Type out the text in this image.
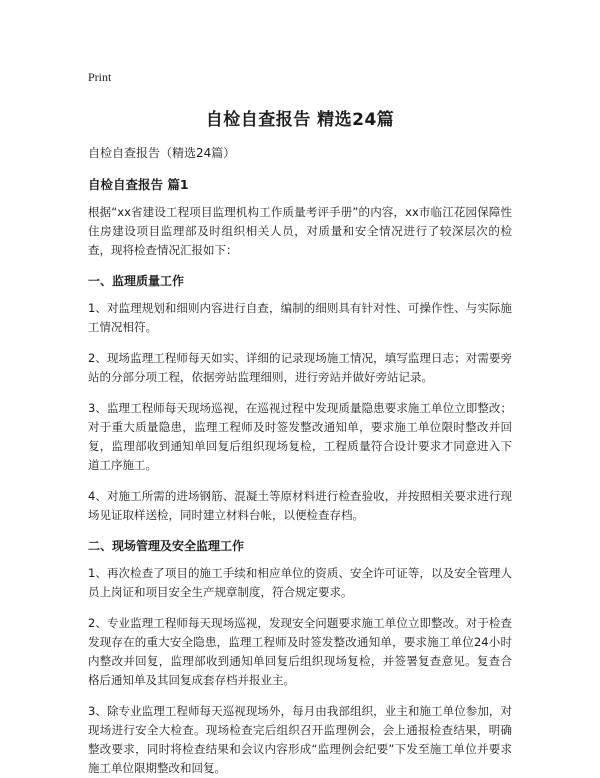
Print
自检自查报告 精选24篇

自检自查报告（精选24篇）

自检自查报告 篇1

根据“xx省建设工程项目监理机构工作质量考评手册”的内容，xx市临江花园保障性住房建设项目监理部及时组织相关人员，对质量和安全情况进行了较深层次的检查，现将检查情况汇报如下：

一、监理质量工作

1、对监理规划和细则内容进行自查，编制的细则具有针对性、可操作性、与实际施工情况相符。

2、现场监理工程师每天如实、详细的记录现场施工情况，填写监理日志；对需要旁站的分部分项工程，依据旁站监理细则，进行旁站并做好旁站记录。

3、监理工程师每天现场巡视，在巡视过程中发现质量隐患要求施工单位立即整改；对于重大质量隐患，监理工程师及时签发整改通知单，要求施工单位限时整改并回复，监理部收到通知单回复后组织现场复检，工程质量符合设计要求才同意进入下道工序施工。

4、对施工所需的进场钢筋、混凝土等原材料进行检查验收，并按照相关要求进行现场见证取样送检，同时建立材料台帐，以便检查存档。

二、现场管理及安全监理工作

1、再次检查了项目的施工手续和相应单位的资质、安全许可证等，以及安全管理人员上岗证和项目安全生产规章制度，符合规定要求。

2、专业监理工程师每天现场巡视，发现安全问题要求施工单位立即整改。对于检查发现存在的重大安全隐患，监理工程师及时签发整改通知单，要求施工单位24小时内整改并回复，监理部收到通知单回复后组织现场复检，并签署复查意见。复查合格后通知单及其回复成套存档并报业主。

3、除专业监理工程师每天巡视现场外，每月由我部组织，业主和施工单位参加，对现场进行安全大检查。现场检查完后组织召开监理例会，会上通报检查结果，明确整改要求，同时将检查结果和会议内容形成“监理例会纪要”下发至施工单位并要求施工单位限期整改和回复。
